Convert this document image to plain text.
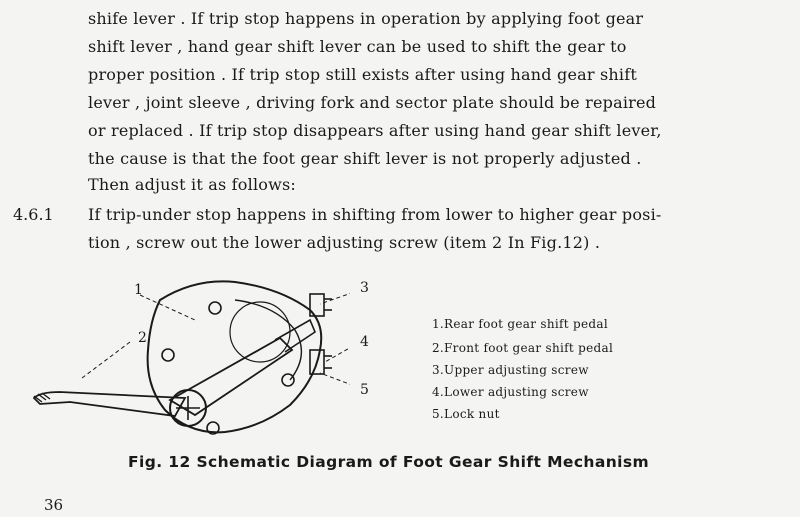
shife lever . If trip stop happens in operation by applying foot gear
shift lever , hand gear shift lever can be used to shift the gear to
proper position . If trip stop still exists after using hand gear shift
lever , joint sleeve , driving fork and sector plate should be repaired
or replaced . If trip stop disappears after using hand gear shift lever,
the cause is that the foot gear shift lever is not properly adjusted .
Then adjust it as follows:
4.6.1 If trip-under stop happens in shifting from lower to higher gear posi-
tion , screw out the lower adjusting screw (item 2 In Fig.12) .
1
2
3
4
5
1.Rear foot gear shift pedal
2.Front foot gear shift pedal
3.Upper adjusting screw
4.Lower adjusting screw
5.Lock nut
Fig. 12 Schematic Diagram of Foot Gear Shift Mechanism
36
